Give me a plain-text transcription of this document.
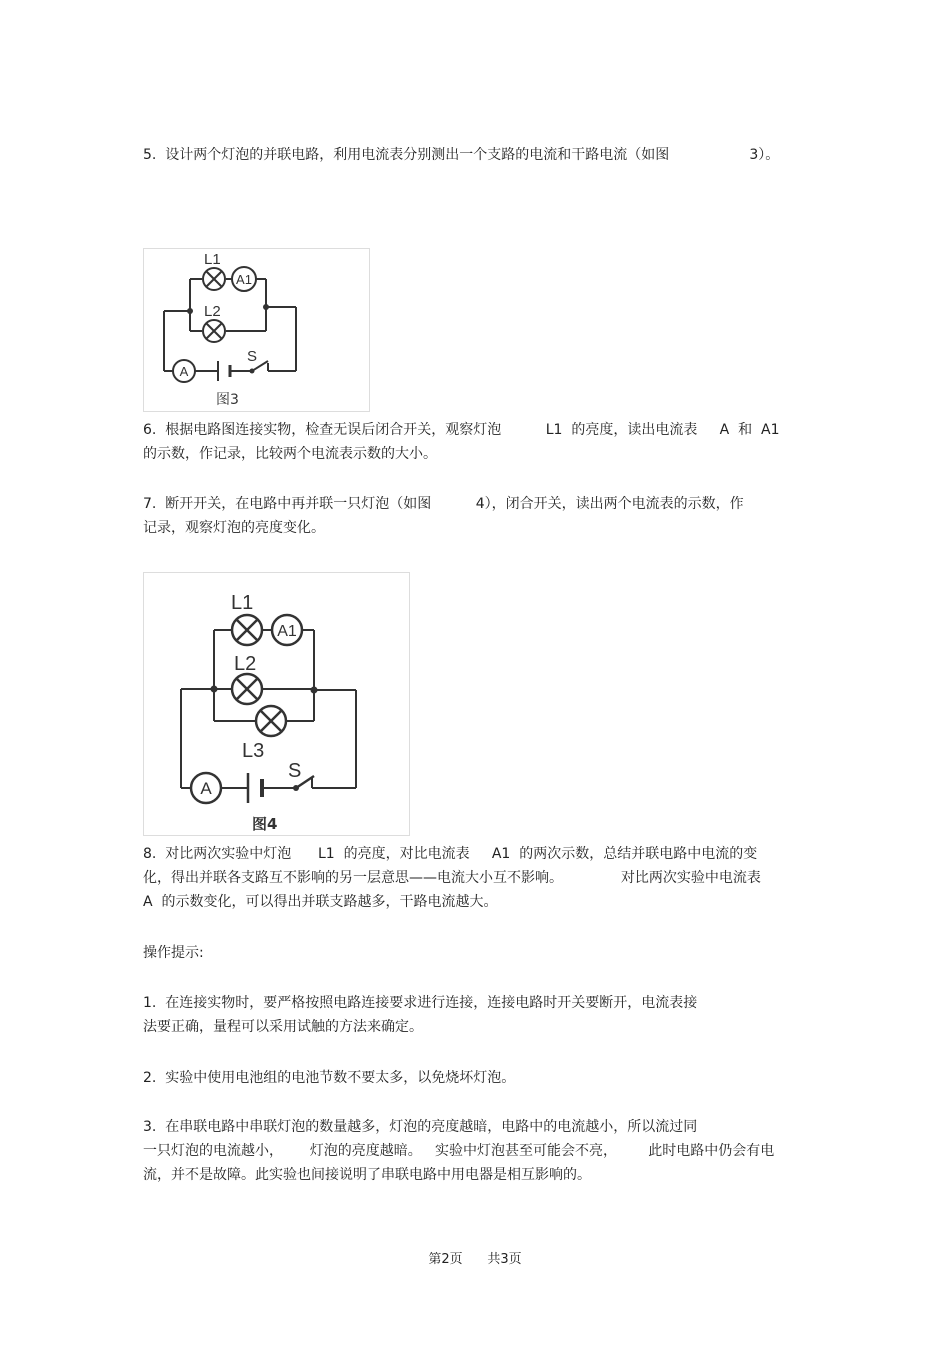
5.  设计两个灯泡的并联电路，利用电流表分别测出一个支路的电流和干路电流（如图                  3）。
A1
A
L1
L2
S
图3
6.  根据电路图连接实物，检查无误后闭合开关，观察灯泡          L1  的亮度，读出电流表     A  和  A1
的示数，作记录，比较两个电流表示数的大小。
7.  断开开关，在电路中再并联一只灯泡（如图          4），闭合开关，读出两个电流表的示数，作
记录，观察灯泡的亮度变化。
A1
A
L1
L2
L3
S
图4
8.  对比两次实验中灯泡      L1  的亮度，对比电流表     A1  的两次示数，总结并联电路中电流的变
化，得出并联各支路互不影响的另一层意思——电流大小互不影响。             对比两次实验中电流表
A  的示数变化，可以得出并联支路越多，干路电流越大。
操作提示:
1.  在连接实物时，要严格按照电路连接要求进行连接，连接电路时开关要断开，电流表接
法要正确，量程可以采用试触的方法来确定。
2.  实验中使用电池组的电池节数不要太多，以免烧坏灯泡。
3.  在串联电路中串联灯泡的数量越多，灯泡的亮度越暗，电路中的电流越小，所以流过同
一只灯泡的电流越小，      灯泡的亮度越暗。   实验中灯泡甚至可能会不亮，       此时电路中仍会有电
流，并不是故障。此实验也间接说明了串联电路中用电器是相互影响的。
第2页      共3页
